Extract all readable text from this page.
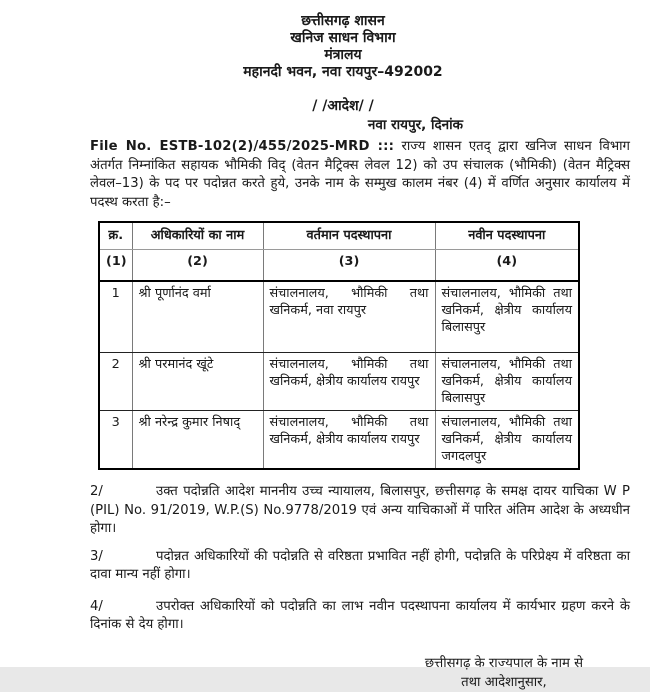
छत्तीसगढ़ शासन
खनिज साधन विभाग
मंत्रालय
महानदी भवन, नवा रायपुर–492002
/ /आदेश/ /
नवा रायपुर, दिनांक

File No. ESTB-102(2)/455/2025-MRD ::: राज्य शासन एतद् द्वारा खनिज साधन विभाग अंतर्गत निम्नांकित सहायक भौमिकी विद् (वेतन मैट्रिक्स लेवल 12) को उप संचालक (भौमिकी) (वेतन मैट्रिक्स लेवल–13) के पद पर पदोन्नत करते हुये, उनके नाम के सम्मुख कालम नंबर (4) में वर्णित अनुसार कार्यालय में पदस्थ करता है:–

क्र.	अधिकारियों का नाम	वर्तमान पदस्थापना	नवीन पदस्थापना
(1)	(2)	(3)	(4)
1	श्री पूर्णानंद वर्मा	संचालनालय, भौमिकी तथा खनिकर्म, नवा रायपुर	संचालनालय, भौमिकी तथा खनिकर्म, क्षेत्रीय कार्यालय बिलासपुर
2	श्री परमानंद खूंटे	संचालनालय, भौमिकी तथा खनिकर्म, क्षेत्रीय कार्यालय रायपुर	संचालनालय, भौमिकी तथा खनिकर्म, क्षेत्रीय कार्यालय बिलासपुर
3	श्री नरेन्द्र कुमार निषाद्	संचालनालय, भौमिकी तथा खनिकर्म, क्षेत्रीय कार्यालय रायपुर	संचालनालय, भौमिकी तथा खनिकर्म, क्षेत्रीय कार्यालय जगदलपुर

2/	उक्त पदोन्नति आदेश माननीय उच्च न्यायालय, बिलासपुर, छत्तीसगढ़ के समक्ष दायर याचिका W P (PIL) No. 91/2019, W.P.(S) No.9778/2019 एवं अन्य याचिकाओं में पारित अंतिम आदेश के अध्यधीन होगा।

3/	पदोन्नत अधिकारियों की पदोन्नति से वरिष्ठता प्रभावित नहीं होगी, पदोन्नति के परिप्रेक्ष्य में वरिष्ठता का दावा मान्य नहीं होगा।

4/	उपरोक्त अधिकारियों को पदोन्नति का लाभ नवीन पदस्थापना कार्यालय में कार्यभार ग्रहण करने के दिनांक से देय होगा।

छत्तीसगढ़ के राज्यपाल के नाम से
तथा आदेशानुसार,
